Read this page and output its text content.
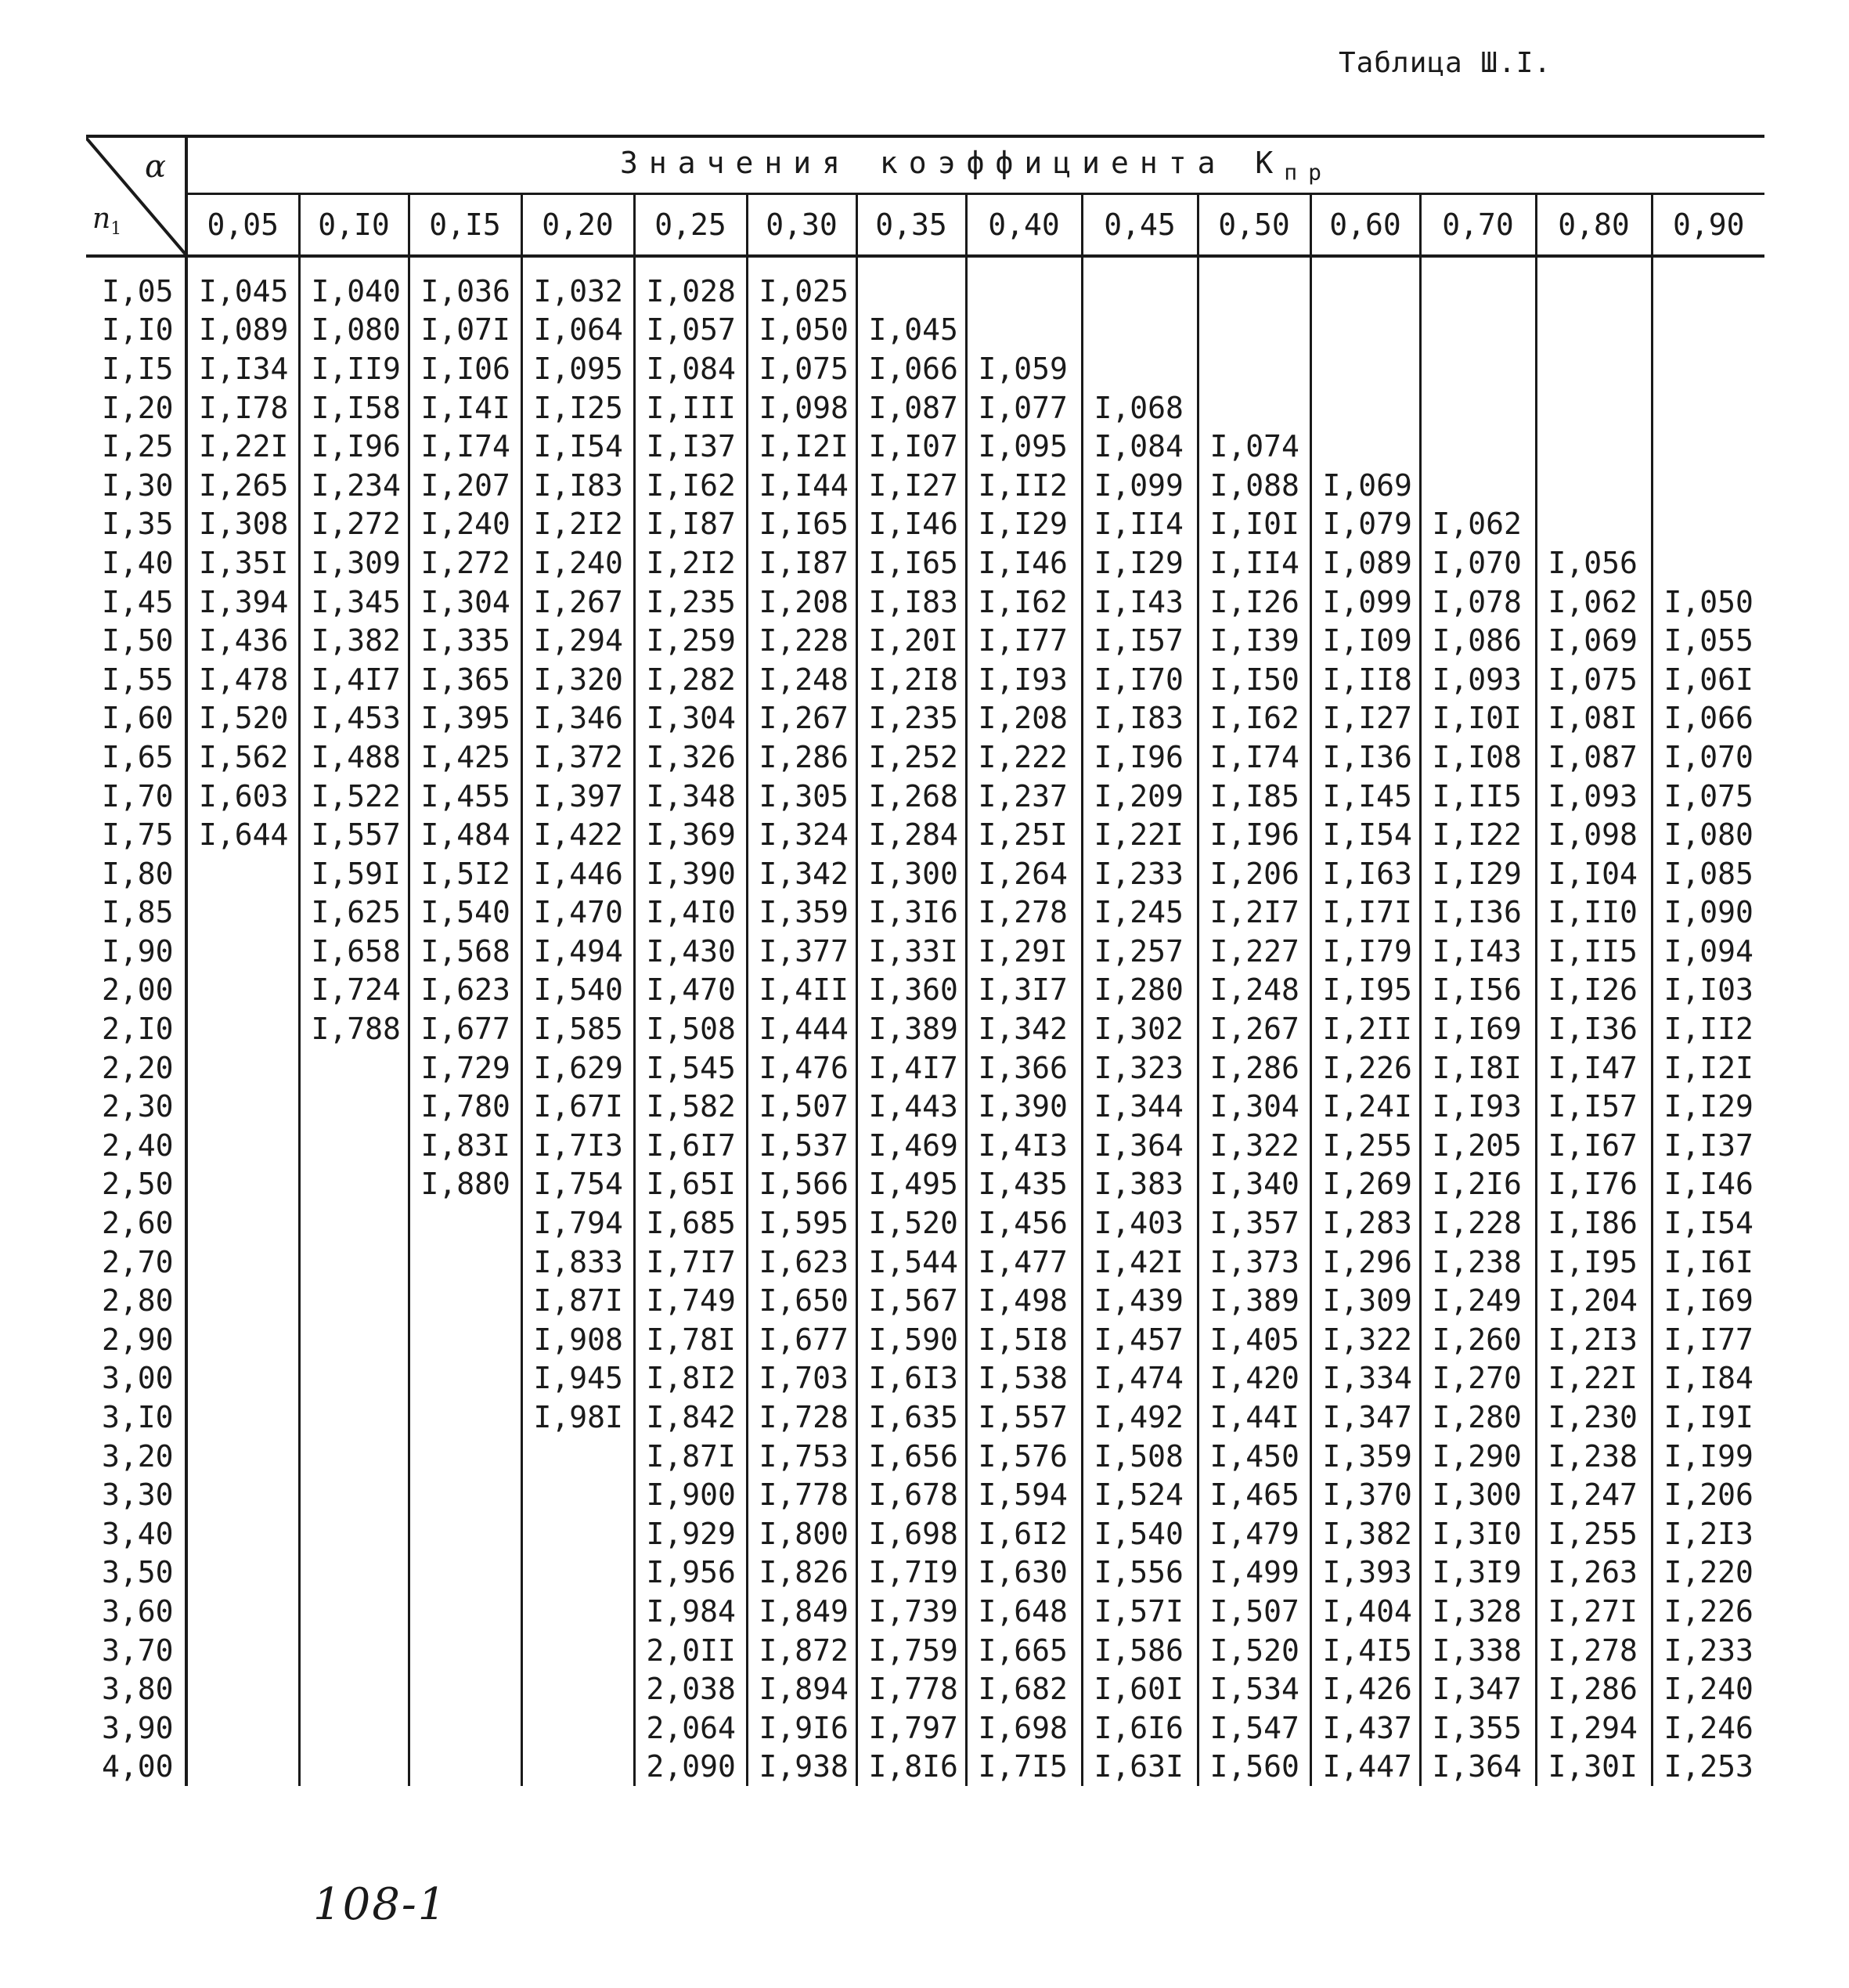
Таблица Ш.I.
α
$n_1$	Значения коэффициента $К_{пр}$
	0,05	0,I0	0,I5	0,20	0,25	0,30	0,35	0,40	0,45	0,50	0,60	0,70	0,80	0,90
I,05	I,045	I,040	I,036	I,032	I,028	I,025								
I,I0	I,089	I,080	I,07I	I,064	I,057	I,050	I,045							
I,I5	I,I34	I,II9	I,I06	I,095	I,084	I,075	I,066	I,059						
I,20	I,I78	I,I58	I,I4I	I,I25	I,III	I,098	I,087	I,077	I,068					
I,25	I,22I	I,I96	I,I74	I,I54	I,I37	I,I2I	I,I07	I,095	I,084	I,074				
I,30	I,265	I,234	I,207	I,I83	I,I62	I,I44	I,I27	I,II2	I,099	I,088	I,069			
I,35	I,308	I,272	I,240	I,2I2	I,I87	I,I65	I,I46	I,I29	I,II4	I,I0I	I,079	I,062		
I,40	I,35I	I,309	I,272	I,240	I,2I2	I,I87	I,I65	I,I46	I,I29	I,II4	I,089	I,070	I,056	
I,45	I,394	I,345	I,304	I,267	I,235	I,208	I,I83	I,I62	I,I43	I,I26	I,099	I,078	I,062	I,050
I,50	I,436	I,382	I,335	I,294	I,259	I,228	I,20I	I,I77	I,I57	I,I39	I,I09	I,086	I,069	I,055
I,55	I,478	I,4I7	I,365	I,320	I,282	I,248	I,2I8	I,I93	I,I70	I,I50	I,II8	I,093	I,075	I,06I
I,60	I,520	I,453	I,395	I,346	I,304	I,267	I,235	I,208	I,I83	I,I62	I,I27	I,I0I	I,08I	I,066
I,65	I,562	I,488	I,425	I,372	I,326	I,286	I,252	I,222	I,I96	I,I74	I,I36	I,I08	I,087	I,070
I,70	I,603	I,522	I,455	I,397	I,348	I,305	I,268	I,237	I,209	I,I85	I,I45	I,II5	I,093	I,075
I,75	I,644	I,557	I,484	I,422	I,369	I,324	I,284	I,25I	I,22I	I,I96	I,I54	I,I22	I,098	I,080
I,80		I,59I	I,5I2	I,446	I,390	I,342	I,300	I,264	I,233	I,206	I,I63	I,I29	I,I04	I,085
I,85		I,625	I,540	I,470	I,4I0	I,359	I,3I6	I,278	I,245	I,2I7	I,I7I	I,I36	I,II0	I,090
I,90		I,658	I,568	I,494	I,430	I,377	I,33I	I,29I	I,257	I,227	I,I79	I,I43	I,II5	I,094
2,00		I,724	I,623	I,540	I,470	I,4II	I,360	I,3I7	I,280	I,248	I,I95	I,I56	I,I26	I,I03
2,I0		I,788	I,677	I,585	I,508	I,444	I,389	I,342	I,302	I,267	I,2II	I,I69	I,I36	I,II2
2,20			I,729	I,629	I,545	I,476	I,4I7	I,366	I,323	I,286	I,226	I,I8I	I,I47	I,I2I
2,30			I,780	I,67I	I,582	I,507	I,443	I,390	I,344	I,304	I,24I	I,I93	I,I57	I,I29
2,40			I,83I	I,7I3	I,6I7	I,537	I,469	I,4I3	I,364	I,322	I,255	I,205	I,I67	I,I37
2,50			I,880	I,754	I,65I	I,566	I,495	I,435	I,383	I,340	I,269	I,2I6	I,I76	I,I46
2,60				I,794	I,685	I,595	I,520	I,456	I,403	I,357	I,283	I,228	I,I86	I,I54
2,70				I,833	I,7I7	I,623	I,544	I,477	I,42I	I,373	I,296	I,238	I,I95	I,I6I
2,80				I,87I	I,749	I,650	I,567	I,498	I,439	I,389	I,309	I,249	I,204	I,I69
2,90				I,908	I,78I	I,677	I,590	I,5I8	I,457	I,405	I,322	I,260	I,2I3	I,I77
3,00				I,945	I,8I2	I,703	I,6I3	I,538	I,474	I,420	I,334	I,270	I,22I	I,I84
3,I0				I,98I	I,842	I,728	I,635	I,557	I,492	I,44I	I,347	I,280	I,230	I,I9I
3,20					I,87I	I,753	I,656	I,576	I,508	I,450	I,359	I,290	I,238	I,I99
3,30					I,900	I,778	I,678	I,594	I,524	I,465	I,370	I,300	I,247	I,206
3,40					I,929	I,800	I,698	I,6I2	I,540	I,479	I,382	I,3I0	I,255	I,2I3
3,50					I,956	I,826	I,7I9	I,630	I,556	I,499	I,393	I,3I9	I,263	I,220
3,60					I,984	I,849	I,739	I,648	I,57I	I,507	I,404	I,328	I,27I	I,226
3,70					2,0II	I,872	I,759	I,665	I,586	I,520	I,4I5	I,338	I,278	I,233
3,80					2,038	I,894	I,778	I,682	I,60I	I,534	I,426	I,347	I,286	I,240
3,90					2,064	I,9I6	I,797	I,698	I,6I6	I,547	I,437	I,355	I,294	I,246
4,00					2,090	I,938	I,8I6	I,7I5	I,63I	I,560	I,447	I,364	I,30I	I,253
108-1
